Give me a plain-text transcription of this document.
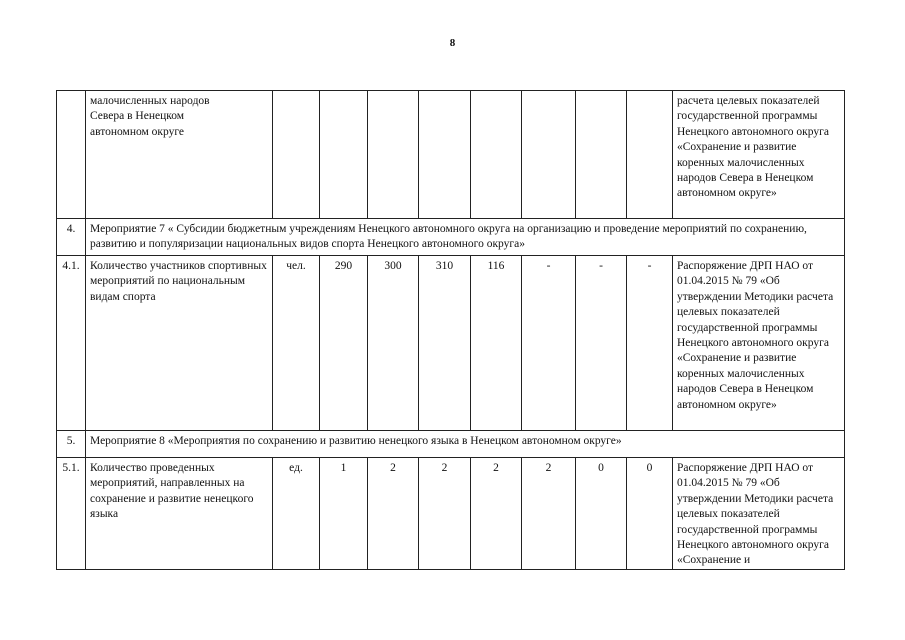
8
	малочисленных народов
Севера в Ненецком
автономном округе									расчета целевых показателей государственной программы Ненецкого автономного округа «Сохранение и развитие коренных малочисленных народов Севера в Ненецком автономном округе»
4.	Мероприятие 7 « Субсидии бюджетным учреждениям Ненецкого автономного округа на организацию и проведение мероприятий по сохранению, развитию и популяризации национальных видов спорта Ненецкого автономного округа»									
4.1.	Количество участников спортивных мероприятий по национальным видам спорта	чел.	290	300	310	116	-	-	-	Распоряжение ДРП НАО от 01.04.2015 № 79 «Об утверждении Методики расчета целевых показателей государственной программы Ненецкого автономного округа «Сохранение и развитие коренных малочисленных народов Севера в Ненецком автономном округе»
5.	Мероприятие 8 «Мероприятия по сохранению и развитию ненецкого языка в Ненецком автономном округе»									
5.1.	Количество проведенных мероприятий, направленных на сохранение и развитие ненецкого языка	ед.	1	2	2	2	2	0	0	Распоряжение ДРП НАО от 01.04.2015 № 79 «Об утверждении Методики расчета целевых показателей государственной программы Ненецкого автономного округа «Сохранение и
